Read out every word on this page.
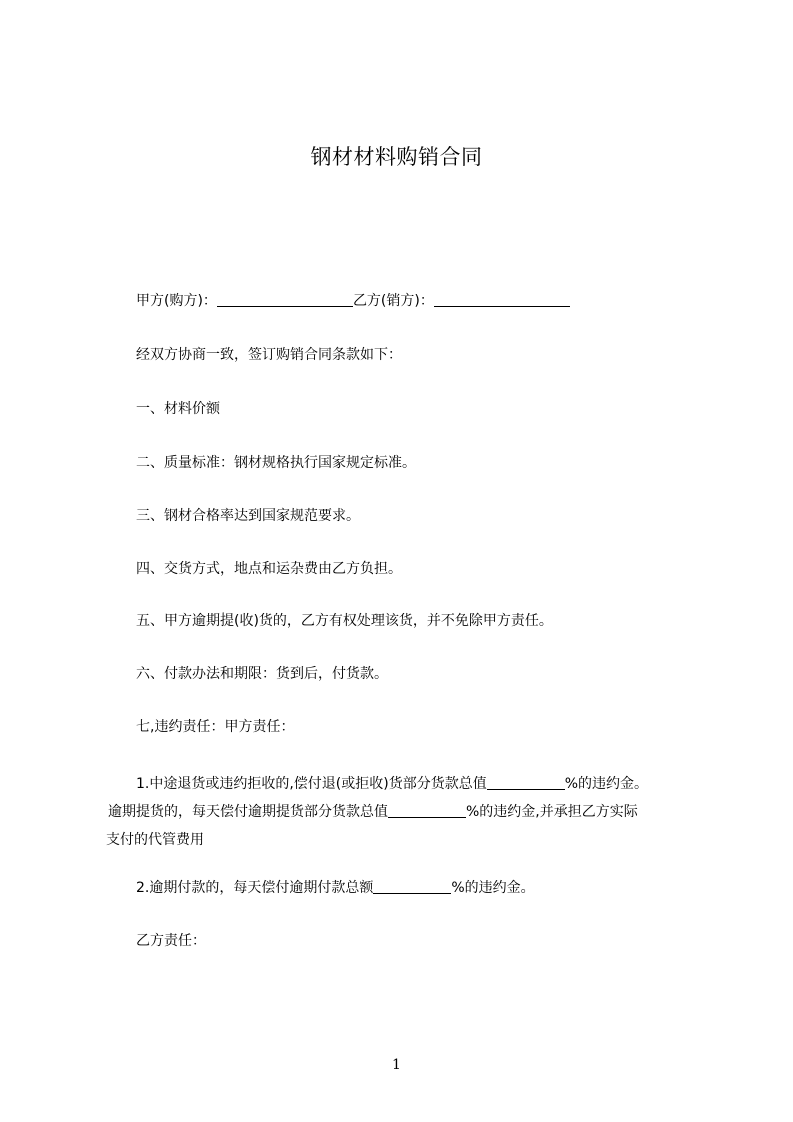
钢材材料购销合同
甲方(购方)：	乙方(销方)：
经双方协商一致，签订购销合同条款如下：
一、材料价额
二、质量标准：钢材规格执行国家规定标准。
三、钢材合格率达到国家规范要求。
四、交货方式，地点和运杂费由乙方负担。
五、甲方逾期提(收)货的，乙方有权处理该货，并不免除甲方责任。
六、付款办法和期限：货到后，付货款。
七,违约责任：甲方责任：
1.中途退货或违约拒收的,偿付退(或拒收)货部分货款总值	%的违约金。
逾期提货的，每天偿付逾期提货部分货款总值	%的违约金,并承担乙方实际
支付的代管费用
2.逾期付款的，每天偿付逾期付款总额	%的违约金。
乙方责任：
1
